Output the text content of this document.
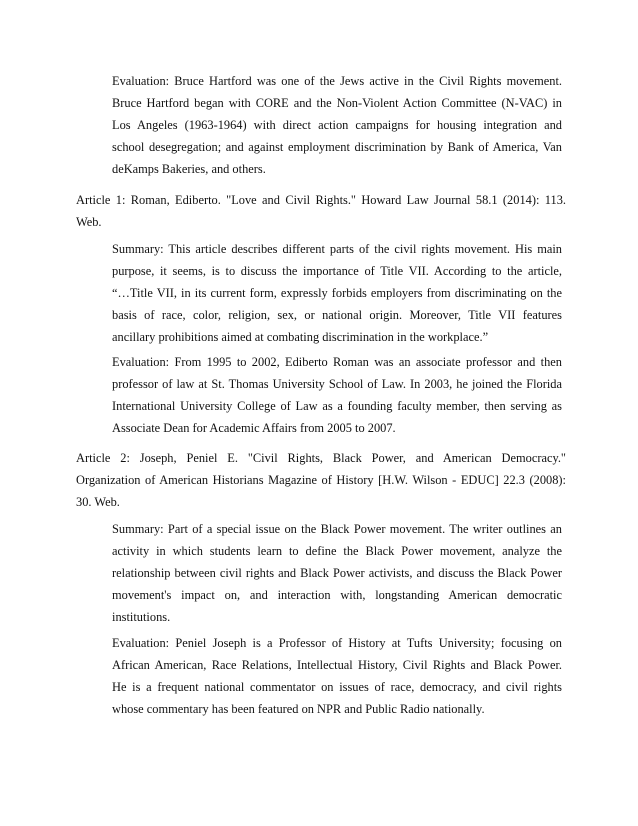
Evaluation: Bruce Hartford was one of the Jews active in the Civil Rights movement.
Bruce Hartford began with CORE and the Non-Violent Action Committee (N-VAC) in
Los Angeles (1963-1964) with direct action campaigns for housing integration and
school desegregation; and against employment discrimination by Bank of America, Van
deKamps Bakeries, and others.
Article 1: Roman, Ediberto. "Love and Civil Rights." Howard Law Journal 58.1 (2014): 113.
Web.
Summary: This article describes different parts of the civil rights movement. His main
purpose, it seems, is to discuss the importance of Title VII. According to the article,
“…Title VII, in its current form, expressly forbids employers from discriminating on the
basis of race, color, religion, sex, or national origin. Moreover, Title VII features
ancillary prohibitions aimed at combating discrimination in the workplace.”
Evaluation: From 1995 to 2002, Ediberto Roman was an associate professor and then
professor of law at St. Thomas University School of Law. In 2003, he joined the Florida
International University College of Law as a founding faculty member, then serving as
Associate Dean for Academic Affairs from 2005 to 2007.
Article 2: Joseph, Peniel E. "Civil Rights, Black Power, and American Democracy."
Organization of American Historians Magazine of History [H.W. Wilson - EDUC] 22.3 (2008):
30. Web.
Summary: Part of a special issue on the Black Power movement. The writer outlines an
activity in which students learn to define the Black Power movement, analyze the
relationship between civil rights and Black Power activists, and discuss the Black Power
movement's impact on, and interaction with, longstanding American democratic
institutions.
Evaluation: Peniel Joseph is a Professor of History at Tufts University; focusing on
African American, Race Relations, Intellectual History, Civil Rights and Black Power.
He is a frequent national commentator on issues of race, democracy, and civil rights
whose commentary has been featured on NPR and Public Radio nationally.
